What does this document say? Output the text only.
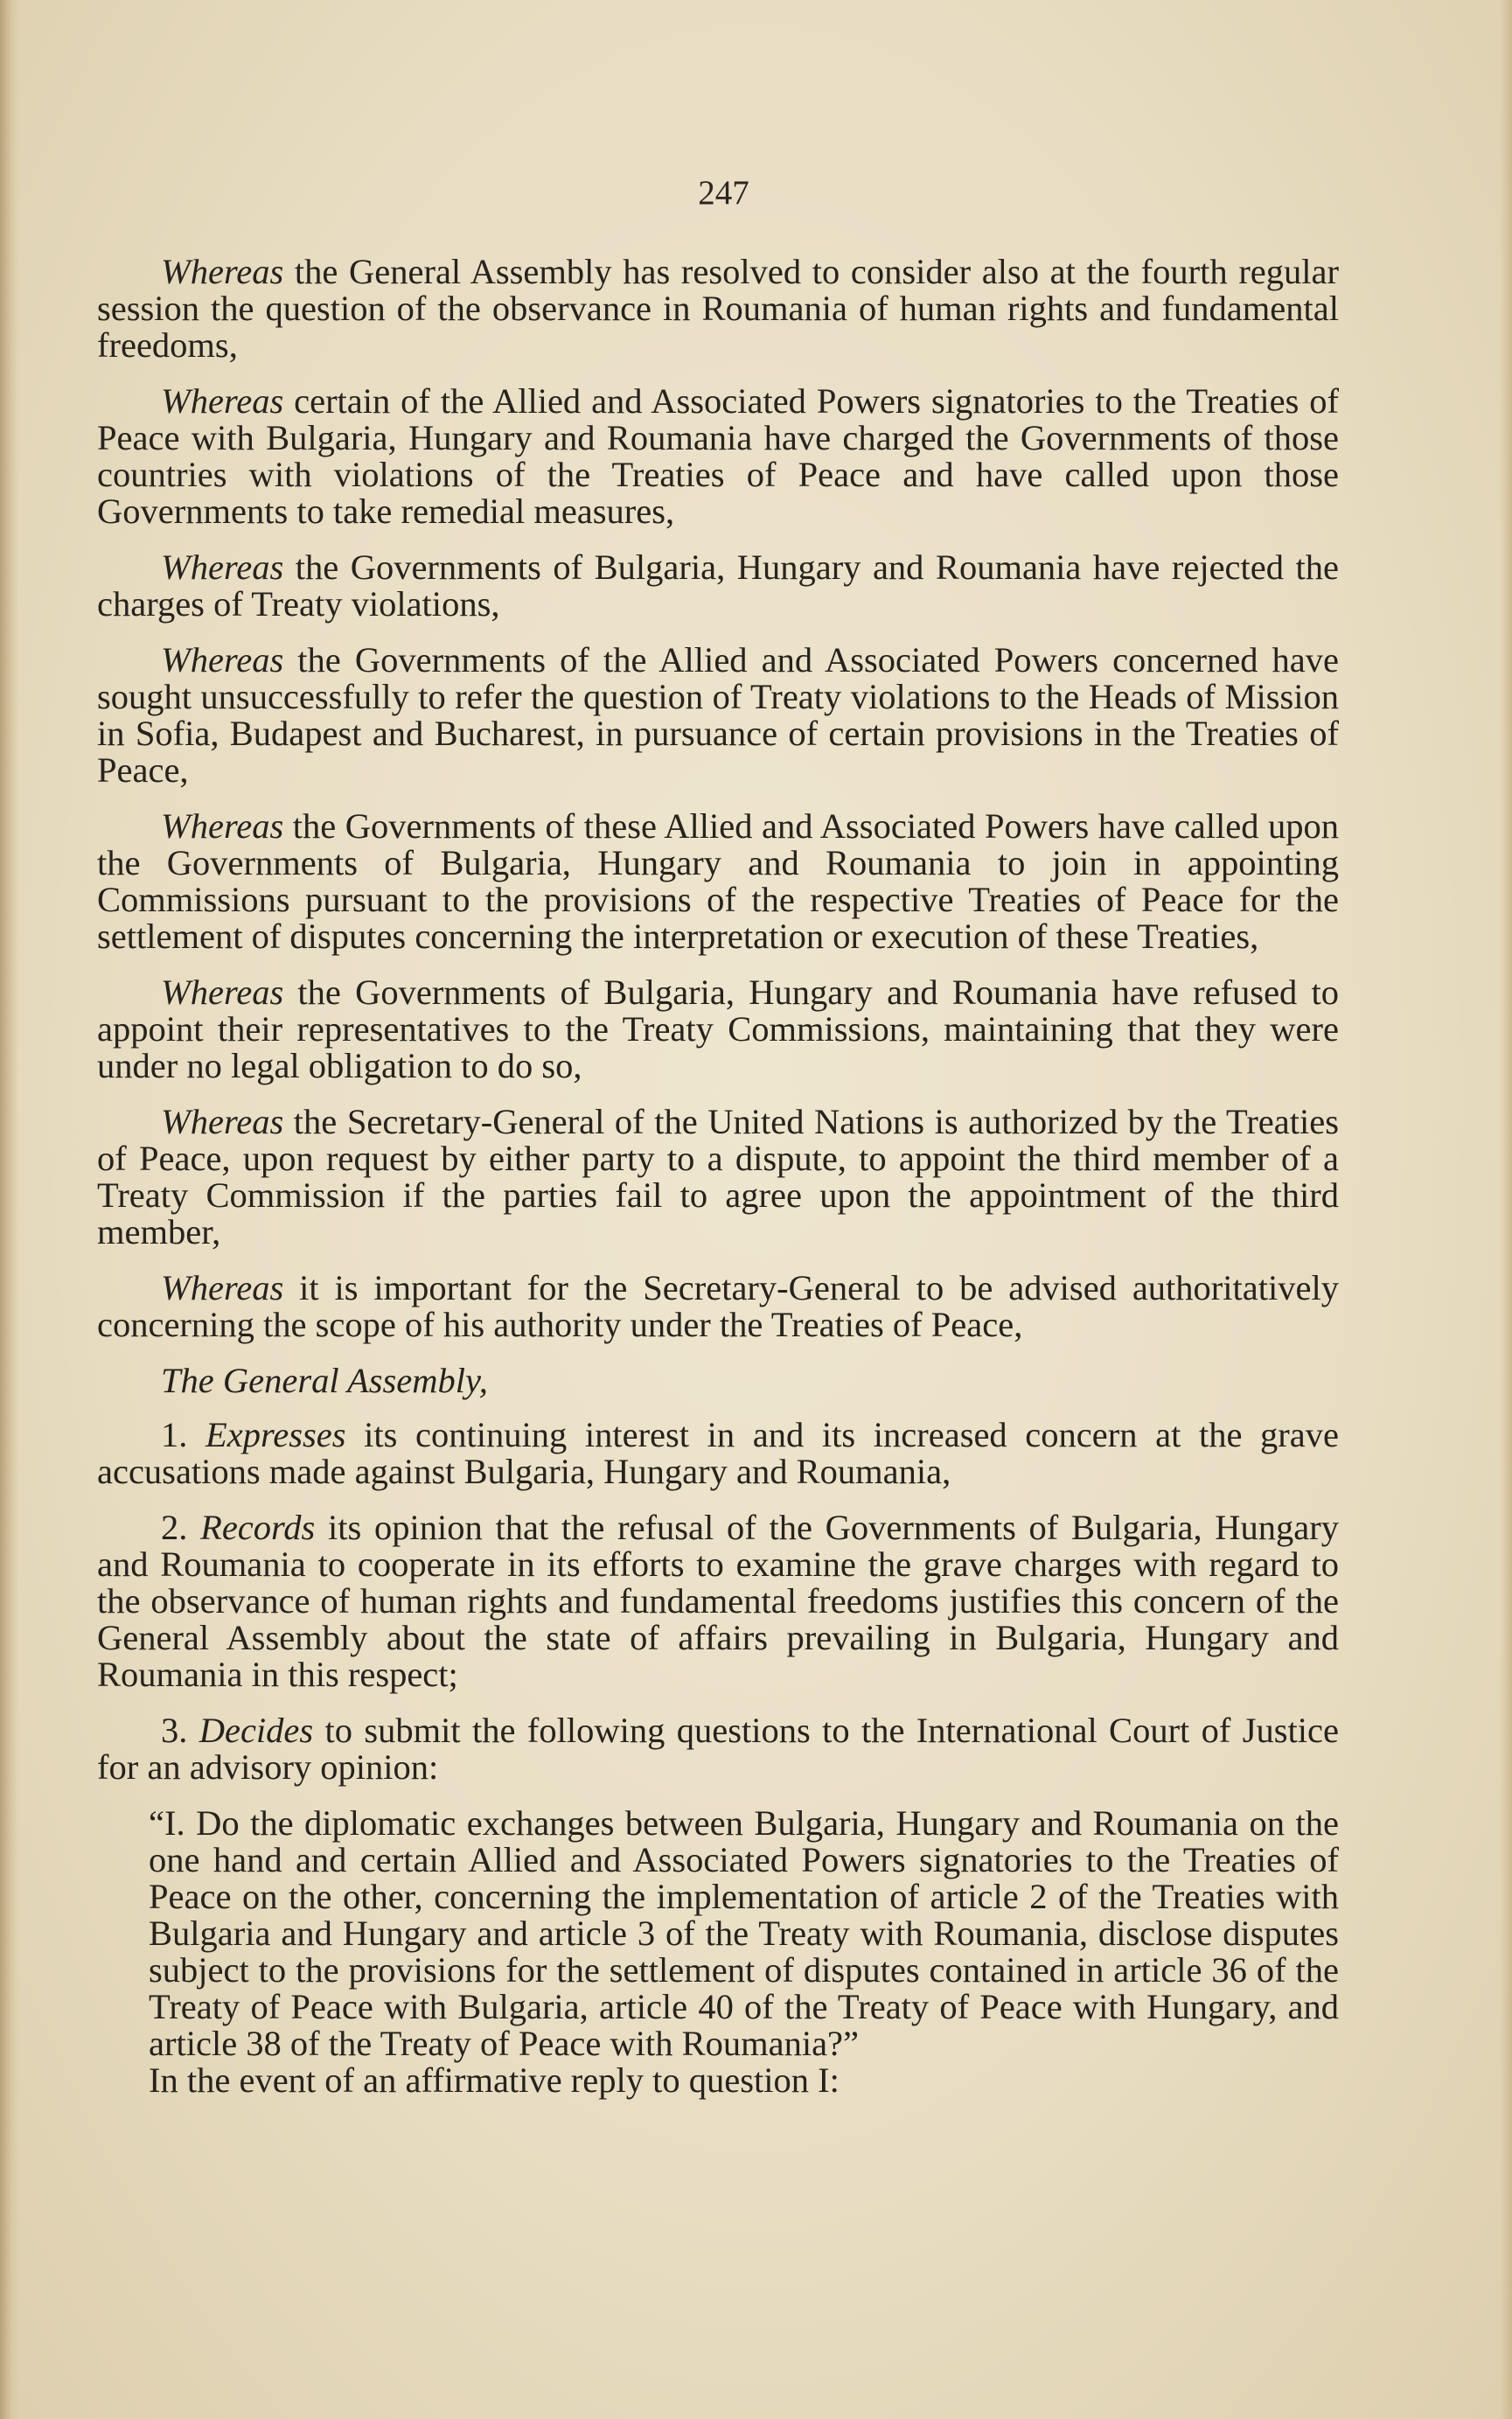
247

Whereas the General Assembly has resolved to consider also at the fourth regular session the question of the observance in Roumania of human rights and fundamental freedoms,

Whereas certain of the Allied and Associated Powers signatories to the Treaties of Peace with Bulgaria, Hungary and Roumania have charged the Governments of those countries with violations of the Treaties of Peace and have called upon those Governments to take remedial measures,

Whereas the Governments of Bulgaria, Hungary and Roumania have rejected the charges of Treaty violations,

Whereas the Governments of the Allied and Associated Powers concerned have sought unsuccessfully to refer the question of Treaty violations to the Heads of Mission in Sofia, Budapest and Bucharest, in pursuance of certain provisions in the Treaties of Peace,

Whereas the Governments of these Allied and Associated Powers have called upon the Governments of Bulgaria, Hungary and Roumania to join in appointing Commissions pursuant to the provisions of the respective Treaties of Peace for the settlement of disputes concerning the interpretation or execution of these Treaties,

Whereas the Governments of Bulgaria, Hungary and Roumania have refused to appoint their representatives to the Treaty Commissions, maintaining that they were under no legal obligation to do so,

Whereas the Secretary-General of the United Nations is authorized by the Treaties of Peace, upon request by either party to a dispute, to appoint the third member of a Treaty Commission if the parties fail to agree upon the appointment of the third member,

Whereas it is important for the Secretary-General to be advised authoritatively concerning the scope of his authority under the Treaties of Peace,

The General Assembly,

1. Expresses its continuing interest in and its increased concern at the grave accusations made against Bulgaria, Hungary and Roumania,

2. Records its opinion that the refusal of the Governments of Bulgaria, Hungary and Roumania to cooperate in its efforts to examine the grave charges with regard to the observance of human rights and fundamental freedoms justifies this concern of the General Assembly about the state of affairs prevailing in Bulgaria, Hungary and Roumania in this respect;

3. Decides to submit the following questions to the International Court of Justice for an advisory opinion:

“I. Do the diplomatic exchanges between Bulgaria, Hungary and Roumania on the one hand and certain Allied and Associated Powers signatories to the Treaties of Peace on the other, concerning the implementation of article 2 of the Treaties with Bulgaria and Hungary and article 3 of the Treaty with Roumania, disclose disputes subject to the provisions for the settlement of disputes contained in article 36 of the Treaty of Peace with Bulgaria, article 40 of the Treaty of Peace with Hungary, and article 38 of the Treaty of Peace with Roumania?”

In the event of an affirmative reply to question I:
